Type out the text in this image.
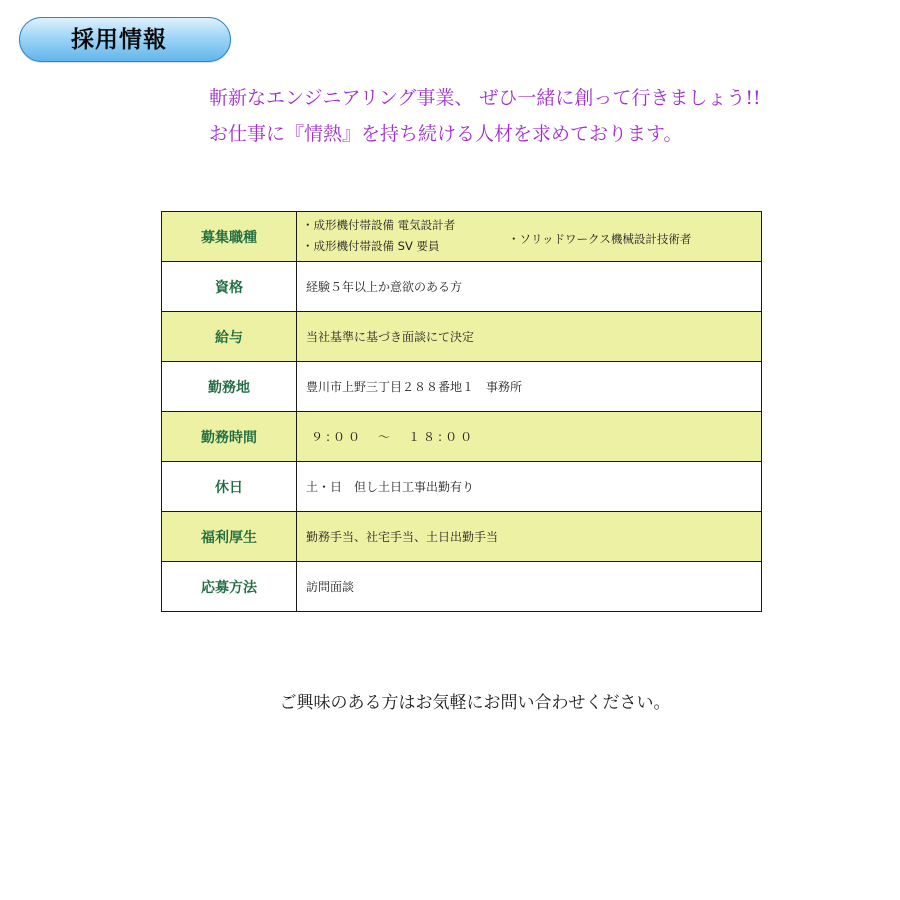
採用情報
斬新なエンジニアリング事業、 ぜひ一緒に創って行きましょう!!
お仕事に『情熱』を持ち続ける人材を求めております。
募集職種	・成形機付帯設備 電気設計者
・成形機付帯設備 SV 要員 ・ソリッドワークス機械設計技術者

資格	経験５年以上か意欲のある方
給与	当社基準に基づき面談にて決定
勤務地	豊川市上野三丁目２８８番地１　事務所
勤務時間	９:００　～　１８:００
休日	土・日　但し土日工事出勤有り
福利厚生	勤務手当、社宅手当、土日出勤手当
応募方法	訪問面談
ご興味のある方はお気軽にお問い合わせください。
